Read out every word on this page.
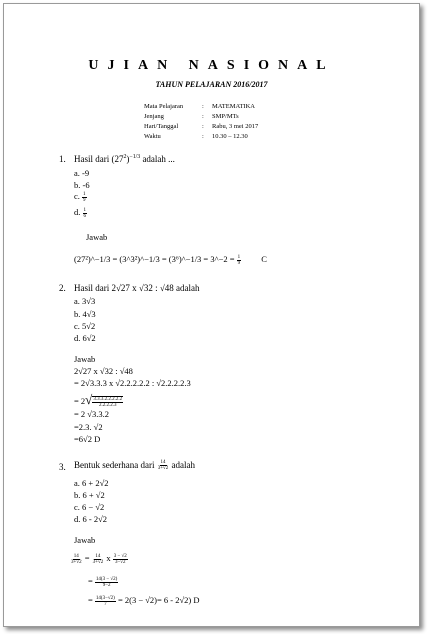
UJIAN NASIONAL
TAHUN PELAJARAN 2016/2017
Mata Pelajaran	: MATEMATIKA
Jenjang	: SMP/MTs
Hari/Tanggal	: Rabu, 3 mei 2017
Waktu	: 10.30 – 12.30
1. Hasil dari $(27^2)^{-1/3}$ adalah ...
a. -9
b. -6
c. $\frac{1}{9}$
d. $\frac{1}{6}$
Jawab
(27²)^−1/3 = (3^3²)^−1/3 = (3⁶)^−1/3 = 3^−2 = $\frac{1}{9}$ C
2. Hasil dari 2√27 x √32 : √48 adalah
a. 3√3
b. 4√3
c. 5√2
d. 6√2
Jawab
2√27 x √32 : √48
= 2√3.3.3 x √2.2.2.2.2 : √2.2.2.2.3
= $2√ \frac{3.3.3.2.2.2.2.2}{2.2.2.2.3}$
= 2 √3.3.2
=2.3. √2
=6√2 D
3. Bentuk sederhana dari $\frac{14}{3+√2}$ adalah
a. 6 + 2√2
b. 6 + √2
c. 6 − √2
d. 6 - 2√2
Jawab
$\frac{14}{3+√2} = \frac{14}{3+√2}$ x $\frac{3 - √2}{3-√2}$
= $\frac{14(3 - √2)}{9-2}$
= $\frac{14(3-√2)}{7} = 2(3 - √2)= 6 - 2√2$) D
